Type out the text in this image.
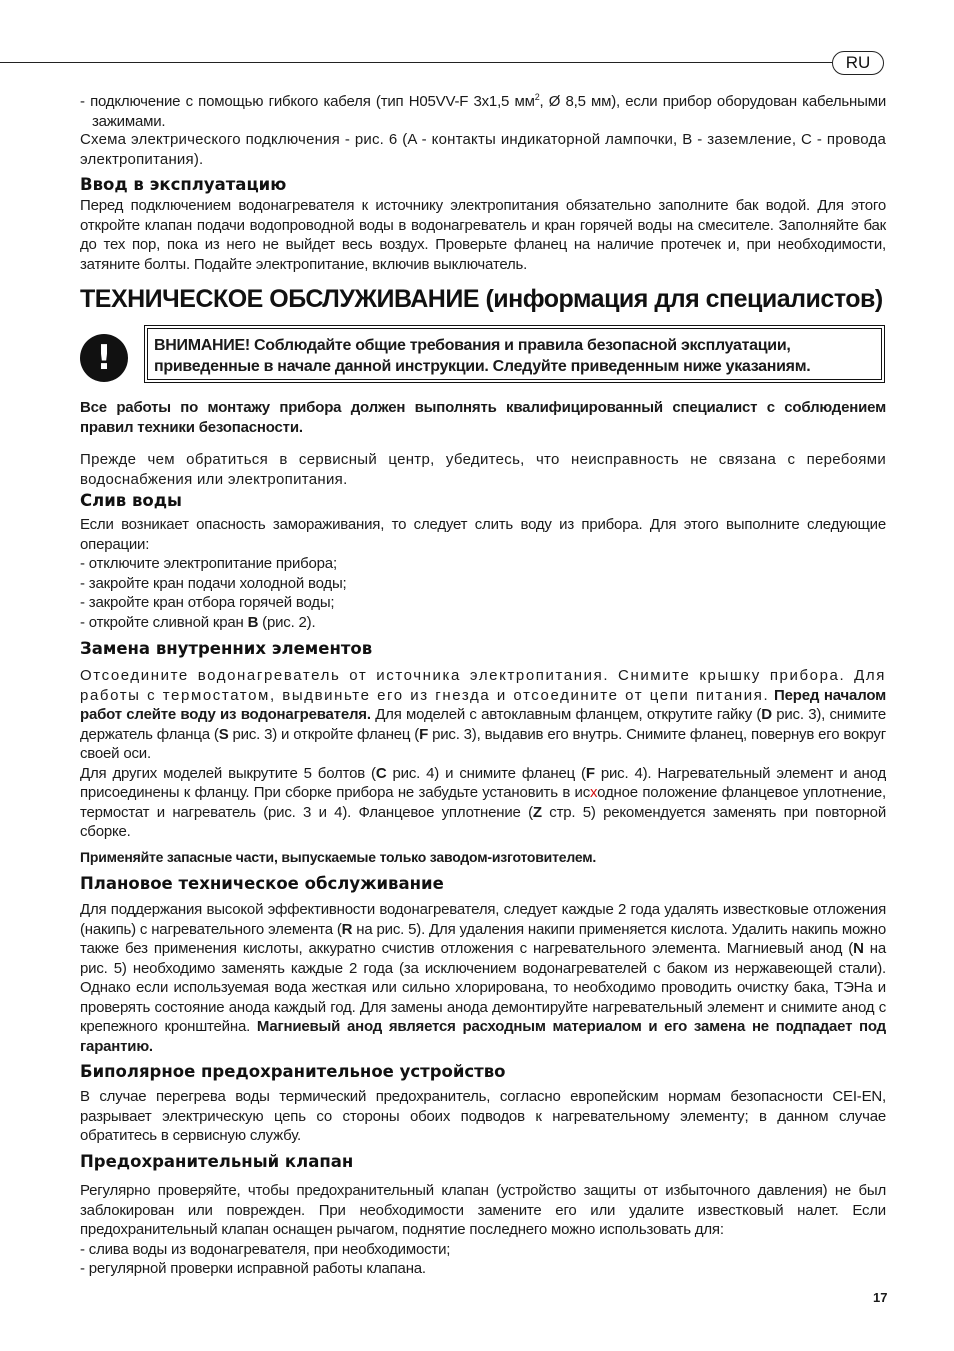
RU

- подключение с помощью гибкого кабеля (тип H05VV-F 3x1,5 $мм^2$, Ø 8,5 мм), если прибор оборудован кабельными зажимами.

Схема электрического подключения - рис. 6 (A - контакты индикаторной лампочки, B - заземление, C - провода электропитания).

Ввод в эксплуатацию

Перед подключением водонагревателя к источнику электропитания обязательно заполните бак водой. Для этого откройте клапан подачи водопроводной воды в водонагреватель и кран горячей воды на смесителе. Заполняйте бак до тех пор, пока из него не выйдет весь воздух. Проверьте фланец на наличие протечек и, при необходимости, затяните болты. Подайте электропитание, включив выключатель.

ТЕХНИЧЕСКОЕ ОБСЛУЖИВАНИЕ (информация для специалистов)
!	ВНИМАНИЕ! Соблюдайте общие требования и правила безопасной эксплуатации, приведенные в начале данной инструкции. Следуйте приведенным ниже указаниям.

Все работы по монтажу прибора должен выполнять квалифицированный специалист с соблюдением правил техники безопасности.

Прежде чем обратиться в сервисный центр, убедитесь, что неисправность не связана с перебоями водоснабжения или электропитания.

Слив воды

Если возникает опасность замораживания, то следует слить воду из прибора. Для этого выполните следующие операции:

- отключите электропитание прибора;

- закройте кран подачи холодной воды;

- закройте кран отбора горячей воды;

- откройте сливной кран B (рис. 2).

Замена внутренних элементов

Отсоедините водонагреватель от источника электропитания. Снимите крышку прибора. Для работы с термостатом, выдвиньте его из гнезда и отсоедините от цепи питания. Перед началом работ слейте воду из водонагревателя. Для моделей с автоклавным фланцем, открутите гайку (D рис. 3), снимите держатель фланца (S рис. 3) и откройте фланец (F рис. 3), выдавив его внутрь. Снимите фланец, повернув его вокруг своей оси.

Для других моделей выкрутите 5 болтов (C рис. 4) и снимите фланец (F рис. 4). Нагревательный элемент и анод присоединены к фланцу. При сборке прибора не забудьте установить в исходное положение фланцевое уплотнение, термостат и нагреватель (рис. 3 и 4). Фланцевое уплотнение (Z стр. 5) рекомендуется заменять при повторной сборке.

Применяйте запасные части, выпускаемые только заводом-изготовителем.

Плановое техническое обслуживание

Для поддержания высокой эффективности водонагревателя, следует каждые 2 года удалять известковые отложения (накипь) с нагревательного элемента (R на рис. 5). Для удаления накипи применяется кислота. Удалить накипь можно также без применения кислоты, аккуратно счистив отложения с нагревательного элемента. Магниевый анод (N на рис. 5) необходимо заменять каждые 2 года (за исключением водонагревателей с баком из нержавеющей стали). Однако если используемая вода жесткая или сильно хлорирована, то необходимо проводить очистку бака, ТЭНа и проверять состояние анода каждый год. Для замены анода демонтируйте нагревательный элемент и снимите анод с крепежного кронштейна. Магниевый анод является расходным материалом и его замена не подпадает под гарантию.

Биполярное предохранительное устройство

В случае перегрева воды термический предохранитель, согласно европейским нормам безопасности CEI-EN, разрывает электрическую цепь со стороны обоих подводов к нагревательному элементу; в данном случае обратитесь в сервисную службу.

Предохранительный клапан

Регулярно проверяйте, чтобы предохранительный клапан (устройство защиты от избыточного давления) не был заблокирован или поврежден. При необходимости замените его или удалите известковый налет. Если предохранительный клапан оснащен рычагом, поднятие последнего можно использовать для:

- слива воды из водонагревателя, при необходимости;

- регулярной проверки исправной работы клапана.

17
